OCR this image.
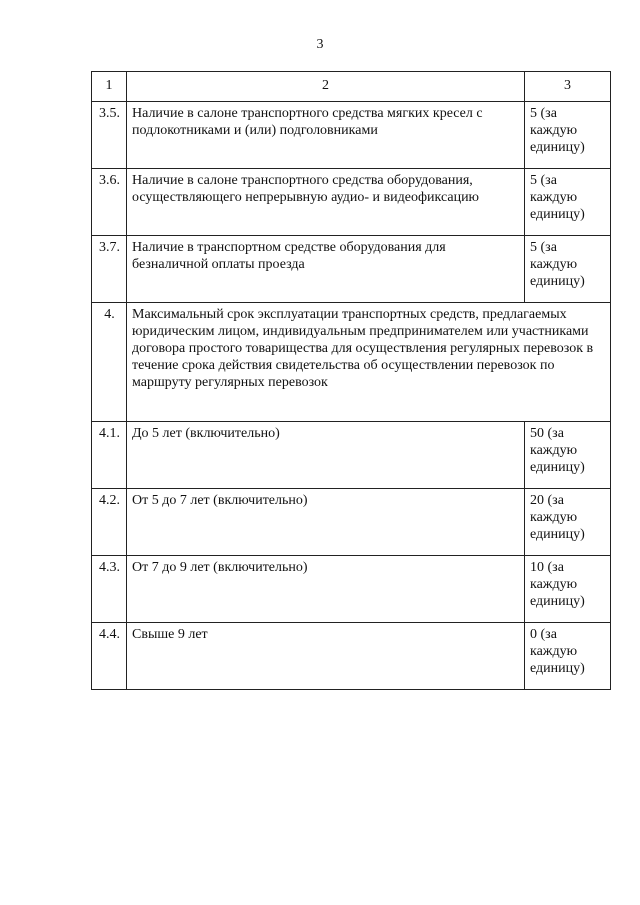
3
1	2	3
3.5.	Наличие в салоне транспортного средства мягких кресел с подлокотниками и (или) подголовниками	5 (за каждую единицу)
3.6.	Наличие в салоне транспортного средства оборудования, осуществляющего непрерывную аудио- и видеофиксацию	5 (за каждую единицу)
3.7.	Наличие в транспортном средстве оборудования для безналичной оплаты проезда	5 (за каждую единицу)
4.	Максимальный срок эксплуатации транспортных средств, предлагаемых юридическим лицом, индивидуальным предпринимателем или участниками договора простого товарищества для осуществления регулярных перевозок в течение срока действия свидетельства об осуществлении перевозок по маршруту регулярных перевозок	
4.1.	До 5 лет (включительно)	50 (за каждую единицу)
4.2.	От 5 до 7 лет (включительно)	20 (за каждую единицу)
4.3.	От 7 до 9 лет (включительно)	10 (за каждую единицу)
4.4.	Свыше 9 лет	0 (за каждую единицу)
